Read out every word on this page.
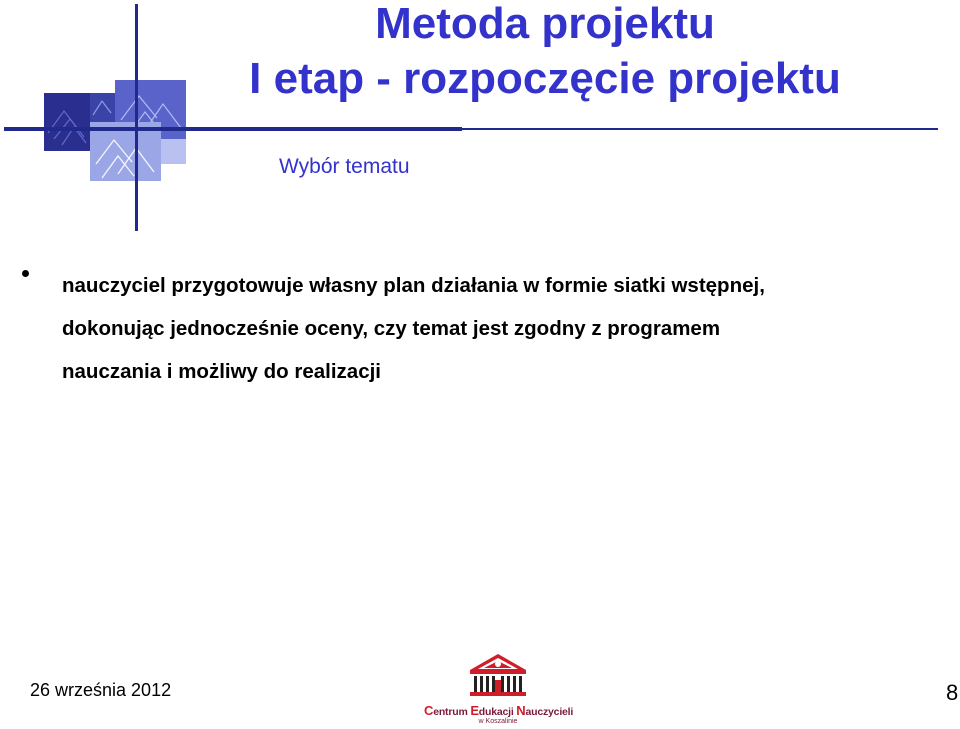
Metoda projektu
I etap - rozpoczęcie projektu
Wybór tematu

nauczyciel przygotowuje własny plan działania w formie siatki wstępnej,
dokonując jednocześnie oceny, czy temat jest zgodny z programem
nauczania i możliwy do realizacji

26 września 2012
Centrum Edukacji Nauczycieli
w Koszalinie
8
